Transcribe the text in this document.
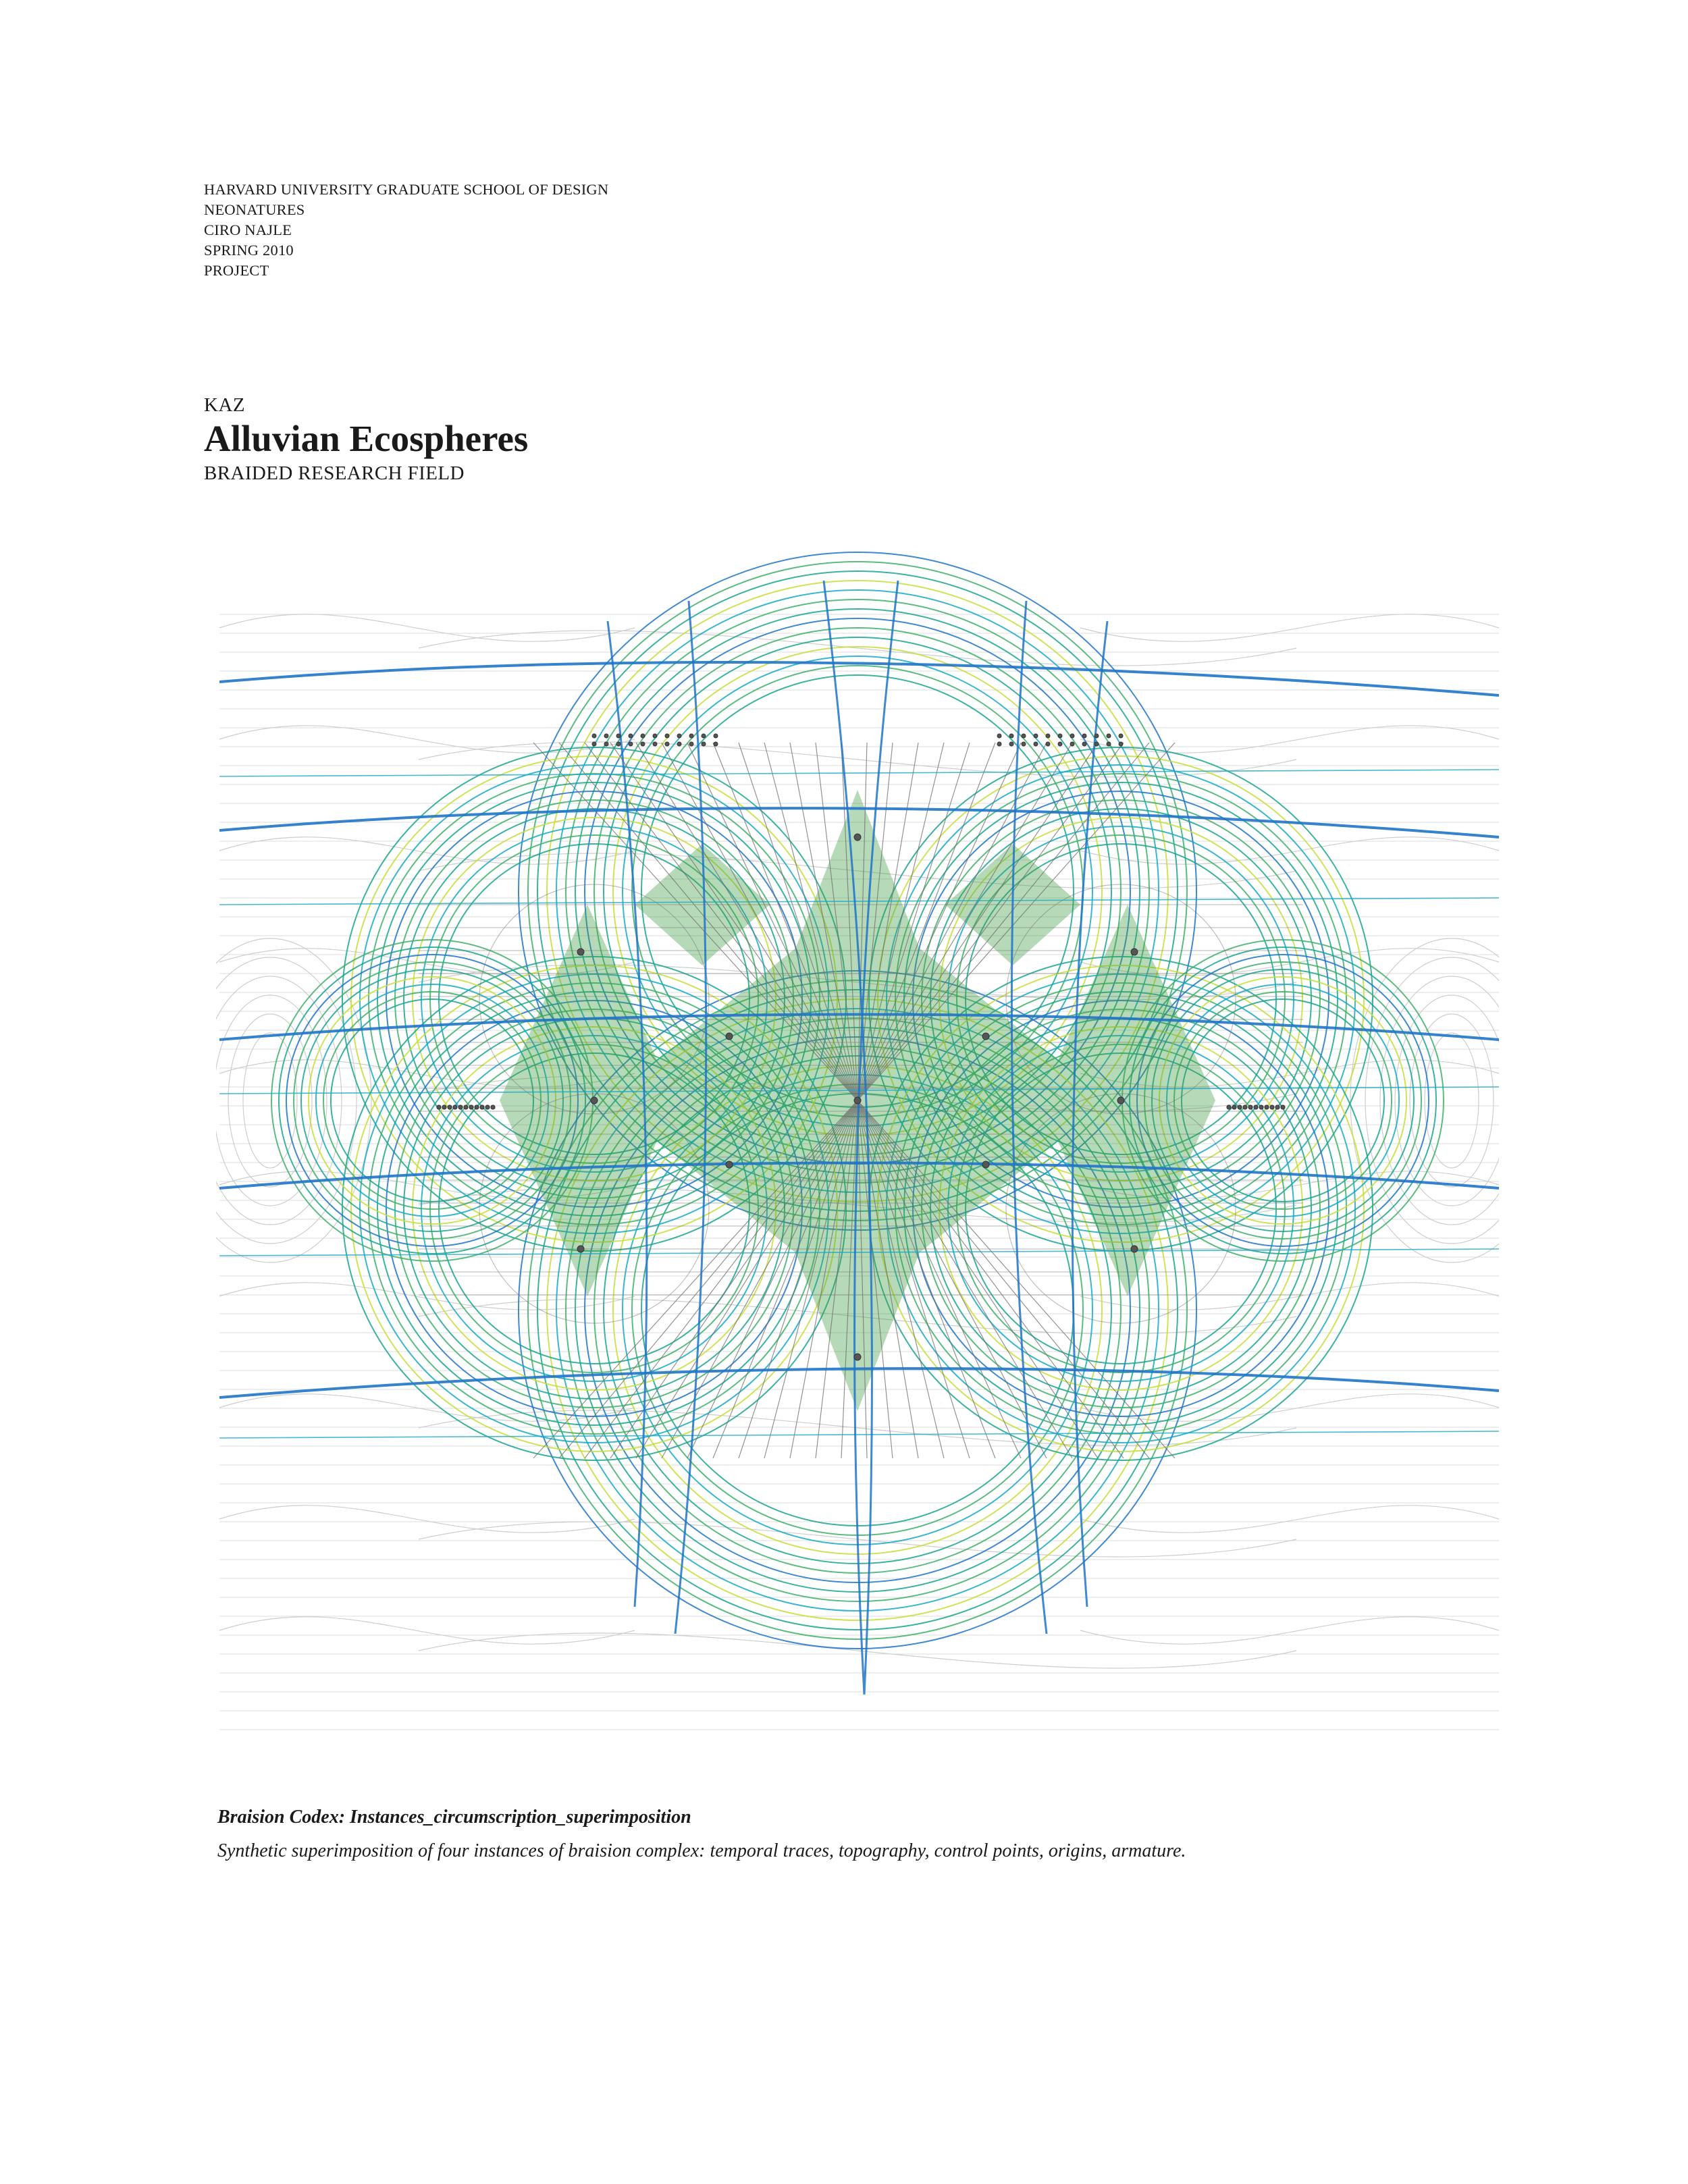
HARVARD UNIVERSITY GRADUATE SCHOOL OF DESIGN
NEONATURES
CIRO NAJLE
SPRING 2010
PROJECT
KAZ
Alluvian Ecospheres
BRAIDED RESEARCH FIELD
Braision Codex: Instances_circumscription_superimposition
Synthetic superimposition of four instances of braision complex: temporal traces, topography, control points, origins, armature.
